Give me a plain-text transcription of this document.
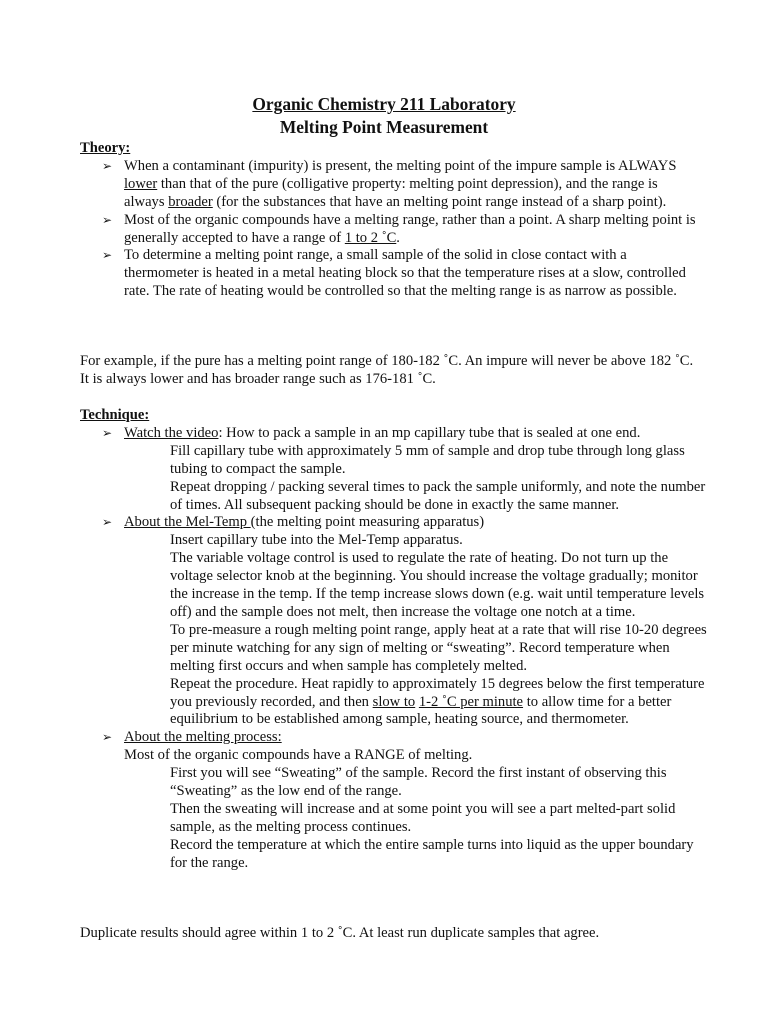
Organic Chemistry 211 Laboratory
Melting Point Measurement
Theory:
➢ When a contaminant (impurity) is present, the melting point of the impure sample is ALWAYS lower than that of the pure (colligative property: melting point depression), and the range is always broader (for the substances that have an melting point range instead of a sharp point).
➢ Most of the organic compounds have a melting range, rather than a point. A sharp melting point is generally accepted to have a range of 1 to 2 ˚C.
➢ To determine a melting point range, a small sample of the solid in close contact with a thermometer is heated in a metal heating block so that the temperature rises at a slow, controlled rate. The rate of heating would be controlled so that the melting range is as narrow as possible.

For example, if the pure has a melting point range of 180-182 ˚C. An impure will never be above 182 ˚C. It is always lower and has broader range such as 176-181 ˚C.

Technique:
➢ Watch the video: How to pack a sample in an mp capillary tube that is sealed at one end.
Fill capillary tube with approximately 5 mm of sample and drop tube through long glass tubing to compact the sample.
Repeat dropping / packing several times to pack the sample uniformly, and note the number of times. All subsequent packing should be done in exactly the same manner.
➢ About the Mel-Temp (the melting point measuring apparatus)
Insert capillary tube into the Mel-Temp apparatus.
The variable voltage control is used to regulate the rate of heating. Do not turn up the voltage selector knob at the beginning. You should increase the voltage gradually; monitor the increase in the temp. If the temp increase slows down (e.g. wait until temperature levels off) and the sample does not melt, then increase the voltage one notch at a time.
To pre-measure a rough melting point range, apply heat at a rate that will rise 10-20 degrees per minute watching for any sign of melting or “sweating”. Record temperature when melting first occurs and when sample has completely melted.
Repeat the procedure. Heat rapidly to approximately 15 degrees below the first temperature you previously recorded, and then slow to 1-2 ˚C per minute to allow time for a better equilibrium to be established among sample, heating source, and thermometer.
➢ About the melting process:
Most of the organic compounds have a RANGE of melting.
First you will see “Sweating” of the sample. Record the first instant of observing this “Sweating” as the low end of the range.
Then the sweating will increase and at some point you will see a part melted-part solid sample, as the melting process continues.
Record the temperature at which the entire sample turns into liquid as the upper boundary for the range.

Duplicate results should agree within 1 to 2 ˚C. At least run duplicate samples that agree.
